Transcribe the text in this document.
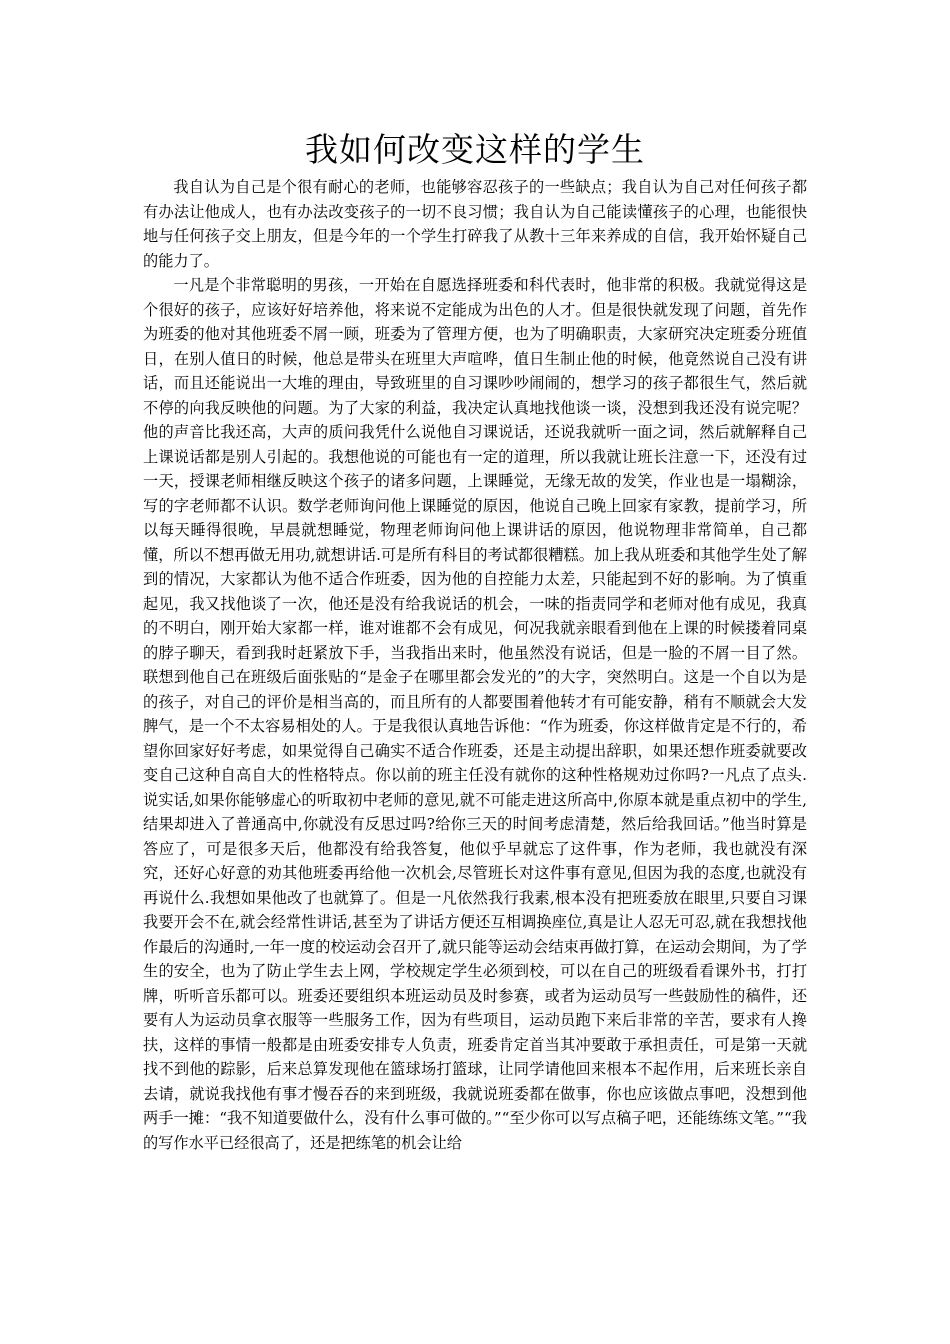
我如何改变这样的学生

我自认为自己是个很有耐心的老师，也能够容忍孩子的一些缺点；我自认为自己对任何孩子都有办法让他成人，也有办法改变孩子的一切不良习惯；我自认为自己能读懂孩子的心理，也能很快地与任何孩子交上朋友，但是今年的一个学生打碎我了从教十三年来养成的自信，我开始怀疑自己的能力了。

一凡是个非常聪明的男孩，一开始在自愿选择班委和科代表时，他非常的积极。我就觉得这是个很好的孩子，应该好好培养他，将来说不定能成为出色的人才。但是很快就发现了问题，首先作为班委的他对其他班委不屑一顾，班委为了管理方便，也为了明确职责，大家研究决定班委分班值日，在别人值日的时候，他总是带头在班里大声喧哗，值日生制止他的时候，他竟然说自己没有讲话，而且还能说出一大堆的理由，导致班里的自习课吵吵闹闹的，想学习的孩子都很生气，然后就不停的向我反映他的问题。为了大家的利益，我决定认真地找他谈一谈，没想到我还没有说完呢？他的声音比我还高，大声的质问我凭什么说他自习课说话，还说我就听一面之词，然后就解释自己上课说话都是别人引起的。我想他说的可能也有一定的道理，所以我就让班长注意一下，还没有过一天，授课老师相继反映这个孩子的诸多问题，上课睡觉，无缘无故的发笑，作业也是一塌糊涂，写的字老师都不认识。数学老师询问他上课睡觉的原因，他说自己晚上回家有家教，提前学习，所以每天睡得很晚，早晨就想睡觉，物理老师询问他上课讲话的原因，他说物理非常简单，自己都懂，所以不想再做无用功,就想讲话.可是所有科目的考试都很糟糕。加上我从班委和其他学生处了解到的情况，大家都认为他不适合作班委，因为他的自控能力太差，只能起到不好的影响。为了慎重起见，我又找他谈了一次，他还是没有给我说话的机会，一味的指责同学和老师对他有成见，我真的不明白，刚开始大家都一样，谁对谁都不会有成见，何况我就亲眼看到他在上课的时候搂着同桌的脖子聊天，看到我时赶紧放下手，当我指出来时，他虽然没有说话，但是一脸的不屑一目了然。联想到他自己在班级后面张贴的“是金子在哪里都会发光的”的大字，突然明白。这是一个自以为是的孩子，对自己的评价是相当高的，而且所有的人都要围着他转才有可能安静，稍有不顺就会大发脾气，是一个不太容易相处的人。于是我很认真地告诉他：“作为班委，你这样做肯定是不行的，希望你回家好好考虑，如果觉得自己确实不适合作班委，还是主动提出辞职，如果还想作班委就要改变自己这种自高自大的性格特点。你以前的班主任没有就你的这种性格规劝过你吗?一凡点了点头.说实话,如果你能够虚心的听取初中老师的意见,就不可能走进这所高中,你原本就是重点初中的学生,结果却进入了普通高中,你就没有反思过吗?给你三天的时间考虑清楚，然后给我回话。”他当时算是答应了，可是很多天后，他都没有给我答复，他似乎早就忘了这件事，作为老师，我也就没有深究，还好心好意的劝其他班委再给他一次机会,尽管班长对这件事有意见,但因为我的态度,也就没有再说什么.我想如果他改了也就算了。但是一凡依然我行我素,根本没有把班委放在眼里,只要自习课我要开会不在,就会经常性讲话,甚至为了讲话方便还互相调换座位,真是让人忍无可忍,就在我想找他作最后的沟通时,一年一度的校运动会召开了,就只能等运动会结束再做打算，在运动会期间，为了学生的安全，也为了防止学生去上网，学校规定学生必须到校，可以在自己的班级看看课外书，打打牌，听听音乐都可以。班委还要组织本班运动员及时参赛，或者为运动员写一些鼓励性的稿件，还要有人为运动员拿衣服等一些服务工作，因为有些项目，运动员跑下来后非常的辛苦，要求有人搀扶，这样的事情一般都是由班委安排专人负责，班委肯定首当其冲要敢于承担责任，可是第一天就找不到他的踪影，后来总算发现他在篮球场打篮球，让同学请他回来根本不起作用，后来班长亲自去请，就说我找他有事才慢吞吞的来到班级，我就说班委都在做事，你也应该做点事吧，没想到他两手一摊：“我不知道要做什么，没有什么事可做的。”“至少你可以写点稿子吧，还能练练文笔。”“我的写作水平已经很高了，还是把练笔的机会让给
